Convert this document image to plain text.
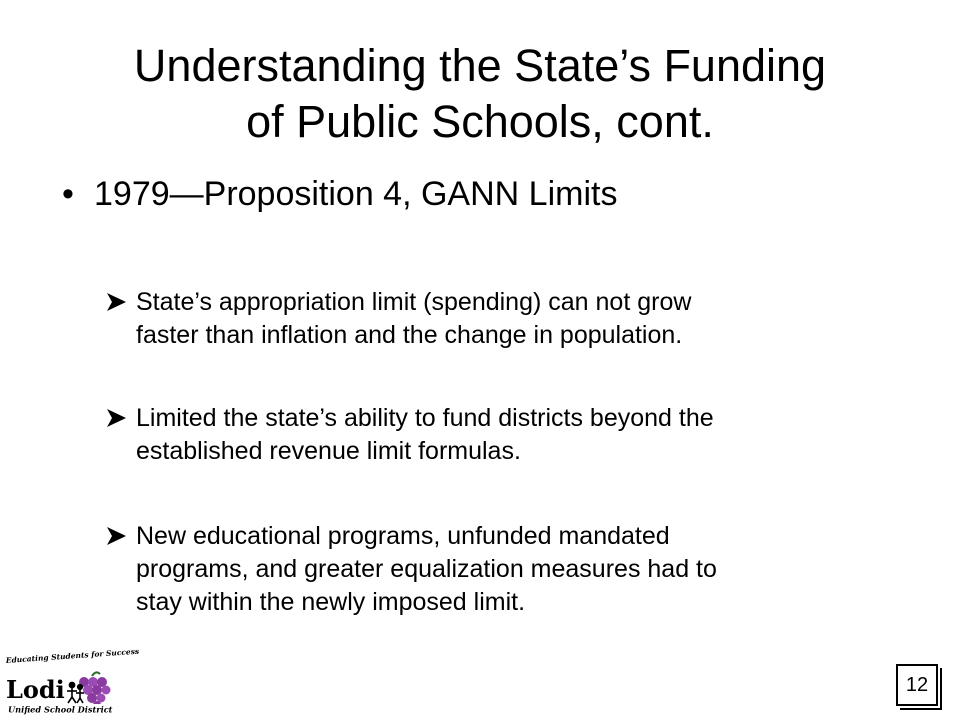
Understanding the State’s Funding
of Public Schools, cont.
• 1979—Proposition 4, GANN Limits
State’s appropriation limit (spending) can not grow
faster than inflation and the change in population.
Limited the state’s ability to fund districts beyond the
established revenue limit formulas.
New educational programs, unfunded mandated
programs, and greater equalization measures had to
stay within the newly imposed limit.
Educating Students for Success
Lodi
Unified School District
12
